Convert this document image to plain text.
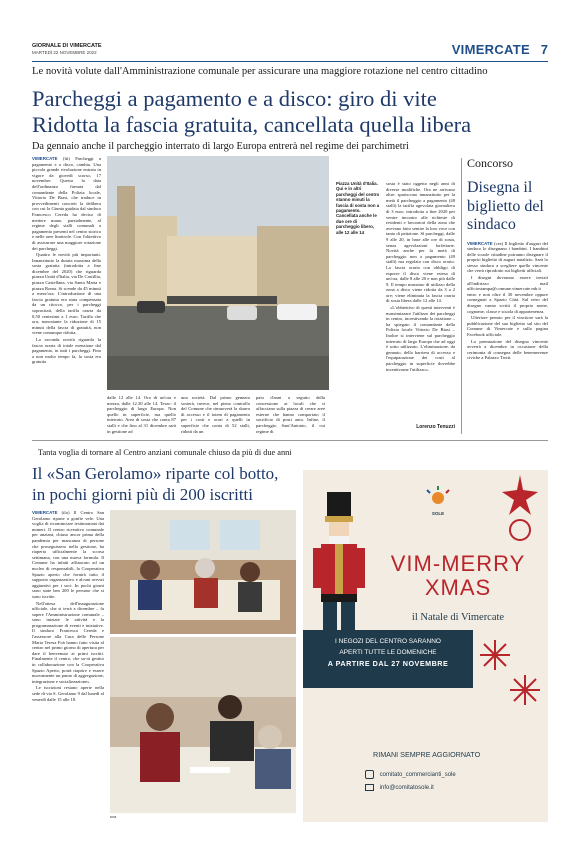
GIORNALE DI VIMERCATE
MARTEDÌ 22 NOVEMBRE 2022	VIMERCATE 7
Le novità volute dall'Amministrazione comunale per assicurare una maggiore rotazione nel centro cittadino
Parcheggi a pagamento e a disco: giro di vite
Ridotta la fascia gratuita, cancellata quella libera
Da gennaio anche il parcheggio interrato di largo Europa entrerà nel regime dei parchimetri

VIMERCATE (lti) Parcheggi a pagamento e a disco, cambia. Una piccola grande rivoluzione entrata in vigore da giovedì scorso, 17 novembre. Questa la data dell'ordinanza firmata dal comandante della Polizia locale, Vittorio De Biasi, che traduce in provvedimenti concreti la delibera con cui la Giunta guidata dal sindaco Francesco Cereda ha deciso di mettere mano, parzialmente, al regime degli stalli comunali a pagamento presenti nel centro storico e nelle aree limitrofe. Con l'obiettivo di assicurare una maggiore rotazione dei parcheggi.

Quattro le novità più importanti. Innanzitutto la durata massima della sosta gratuita (introdotta a fine dicembre del 2020) che riguarda piazza Unità d'Italia, via De Castillia, piazza Castellana, via Santa Marta e piazza Roma. Si scende da 45 minuti a mezz'ora. L'introduzione di una fascia gratuita era stata compensata da un ritocco, per i parcheggi sopracitati, della tariffa oraria da 0,50 centesimi a 1 euro. Tariffa che ora, nonostante la riduzione di 15 minuti della fascia di gratuità, non viene comunque ridotta.

La seconda novità riguarda la fascia oraria di totale esenzione dal pagamento, in tutti i parcheggi. Fino a non molto tempo fa, la sosta era gratuita

Piazza Unità d'Italia. Qui e in altri parcheggi del centro stanno minuti la fascia di sosta non a pagamento. Cancellata anche le due ore di parcheggio libero, alle 12 alle 14
dalle 12 alle 14. Ora di un'ora e mezza, dalle 12.30 alle 14. Terzo: il parcheggio di largo Europa. Non quello in superficie, ma quello interrato. Area di sosta che conta 87 stalli e che fino al 31 dicembre sarà in gestione ad
una società. Dal primo gennaio sosterà, invece, nel pieno controllo del Comune che rimuoverà la sbarra di accesso e il totem di pagamento per i costi e orari a quelli in superficie che conta di 52 stalli, ridotti da un
paio d'anni a seguito della concessione ai locali che si affacciano sulla piazza di creare aree esterne che hanno comportato il sacrificio di posti auto. Infine, il parcheggio Sant'Antonio, il cui regime di

sosta è stato oggetto negli anni di diverse modifiche. Ora ne arrivano altre: spariscono innanzitutto per la metà il parcheggio a pagamento (48 stalli) la tariffa agevolata giornaliera di 3 euro, introdotta a fine 2020 per venire incontro alle richieste di residenti e lavoratori della zona che avevano fatto sentire la loro voce con tanto di petizione. Sì parcheggi, dalle 9 alle 20, in base alle ore di sosta, senza agevolazioni forfettarie. Novità anche per la metà di parcheggio non a pagamento (49 stalli) ma regolata con disco orario. La fascia oraria con obbligo di esporre il disco viene estesa di un'ora, dalle 8 alle 20 e non più dalle 9. Il tempo massimo di utilizzo della zona a disco viene ridotta da 3 a 2 ore; viene eliminata la fascia oraria di sosta libera dalle 12 alle 14.

«L'obbiettivo di questi interventi è massimizzare l'utilizzo dei parcheggi in centro, incentivando la rotazione – ha spiegato il comandante della Polizia locale Vittorio De Biasi – Inoltre si interviene sul parcheggio interrato di largo Europa che ad oggi è sotto utilizzato. L'eliminazione, da gennaio, della barriera di accesso e l'equiparazione dei costi al parcheggio in superficie dovrebbe incentivarne l'utilizzo».

Lorenzo Tenuzzi
Concorso
Disegna il biglietto del sindaco

VIMERCATE (ces) Il biglietto d'auguri del sindaco lo disegnano i bambini. I bambini delle scuole cittadine potranno disegnare il proprio biglietto di auguri natalizio. Sarà lo stesso sindaco a scegliere quello vincente che verrà riprodotto sui biglietti ufficiali.

I disegni dovranno essere inviati all'indirizzo mail ufficiostampa@comune.vimercate.mb.it entro e non oltre il 30 novembre oppure consegnati a Spazio Città. Sul retro del disegno vanno scritti il proprio nome, cognome, classe e scuola di appartenenza.

Ulteriore premio per il vincitore sarà la pubblicazione del suo biglietto sul sito del Comune di Vimercate e sulla pagina Facebook ufficiale.

La premiazione del disegno vincente avverrà a dicembre in occasione della cerimonia di consegna delle benemerenze civiche a Palazzo Trotti.

Tanta voglia di tornare al Centro anziani comunale chiuso da più di due anni
Il «San Gerolamo» riparte col botto,
in pochi giorni più di 200 iscritti

VIMERCATE (tlo) Il Centro San Gerolamo riparte a gonfie vele. Una voglia di ricominciare testimoniata dai numeri. Il centro ricreativo comunale per anziani, chiuso ancor prima della pandemia per mancanza di persone che proseguissero nella gestione, ha riaperto ufficialmente la scorsa settimana, con una nuova formula. Il Comune ha infatti affiancato ad un nucleo di responsabili, la Cooperativa Spazio aperto che fornirà tutto il supporto organizzativo e alcuni servizi aggiuntivi per i soci. In pochi giorni sono state ben 200 le persone che si sono iscritte.

Nell'attesa dell'inaugurazione ufficiale, che si terrà a dicembre – fa sapere l'Amministrazione comunale – sono iniziate le attività e la programmazione di eventi e iniziative. Il sindaco Francesco Cereda e l'assessore alla Cura delle Persone Maria Teresa Foà hanno fatto visita al centro nel primo giorno di apertura per dare il benvenuto ai primi iscritti. Finalmente il centro, che sa-rà gestito in collaborazione con la Cooperativa Spazio Aperto, potrà riaprire e essere nuovamente un punto di aggregazione, integrazione e socializzazione».

Le iscrizioni restano aperte nella sede di via S. Gerolamo 9 dal lunedì al venerdì dalle 15 alle 18.

sxa
SOLE
VIM-MERRY
XMAS
il Natale di Vimercate
I NEGOZI DEL CENTRO SARANNO
APERTI TUTTE LE DOMENICHE
A PARTIRE DAL 27 NOVEMBRE
RIMANI SEMPRE AGGIORNATO
comitato_commercianti_sole
info@comitatosole.it
